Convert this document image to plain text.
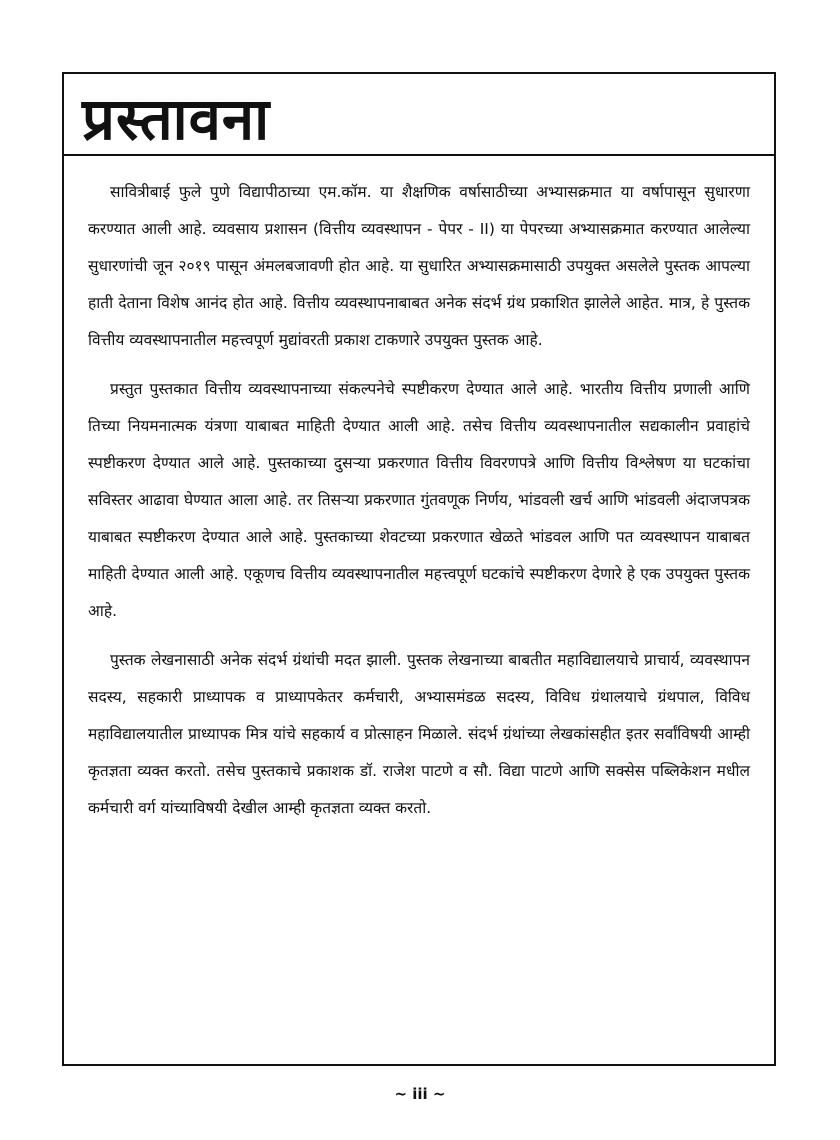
प्रस्तावना

सावित्रीबाई फुले पुणे विद्यापीठाच्या एम.कॉम. या शैक्षणिक वर्षासाठीच्या अभ्यासक्रमात या वर्षापासून सुधारणा करण्यात आली आहे. व्यवसाय प्रशासन (वित्तीय व्यवस्थापन - पेपर - II) या पेपरच्या अभ्यासक्रमात करण्यात आलेल्या सुधारणांची जून २०१९ पासून अंमलबजावणी होत आहे. या सुधारित अभ्यासक्रमासाठी उपयुक्त असलेले पुस्तक आपल्या हाती देताना विशेष आनंद होत आहे. वित्तीय व्यवस्थापनाबाबत अनेक संदर्भ ग्रंथ प्रकाशित झालेले आहेत. मात्र, हे पुस्तक वित्तीय व्यवस्थापनातील महत्त्वपूर्ण मुद्यांवरती प्रकाश टाकणारे उपयुक्त पुस्तक आहे.

प्रस्तुत पुस्तकात वित्तीय व्यवस्थापनाच्या संकल्पनेचे स्पष्टीकरण देण्यात आले आहे. भारतीय वित्तीय प्रणाली आणि तिच्या नियमनात्मक यंत्रणा याबाबत माहिती देण्यात आली आहे. तसेच वित्तीय व्यवस्थापनातील सद्यकालीन प्रवाहांचे स्पष्टीकरण देण्यात आले आहे. पुस्तकाच्या दुसऱ्या प्रकरणात वित्तीय विवरणपत्रे आणि वित्तीय विश्लेषण या घटकांचा सविस्तर आढावा घेण्यात आला आहे. तर तिसऱ्या प्रकरणात गुंतवणूक निर्णय, भांडवली खर्च आणि भांडवली अंदाजपत्रक याबाबत स्पष्टीकरण देण्यात आले आहे. पुस्तकाच्या शेवटच्या प्रकरणात खेळते भांडवल आणि पत व्यवस्थापन याबाबत माहिती देण्यात आली आहे. एकूणच वित्तीय व्यवस्थापनातील महत्त्वपूर्ण घटकांचे स्पष्टीकरण देणारे हे एक उपयुक्त पुस्तक आहे.

पुस्तक लेखनासाठी अनेक संदर्भ ग्रंथांची मदत झाली. पुस्तक लेखनाच्या बाबतीत महाविद्यालयाचे प्राचार्य, व्यवस्थापन सदस्य, सहकारी प्राध्यापक व प्राध्यापकेतर कर्मचारी, अभ्यासमंडळ सदस्य, विविध ग्रंथालयाचे ग्रंथपाल, विविध महाविद्यालयातील प्राध्यापक मित्र यांचे सहकार्य व प्रोत्साहन मिळाले. संदर्भ ग्रंथांच्या लेखकांसहीत इतर सर्वांविषयी आम्ही कृतज्ञता व्यक्त करतो. तसेच पुस्तकाचे प्रकाशक डॉ. राजेश पाटणे व सौ. विद्या पाटणे आणि सक्सेस पब्लिकेशन मधील कर्मचारी वर्ग यांच्याविषयी देखील आम्ही कृतज्ञता व्यक्त करतो.

~ iii ~
